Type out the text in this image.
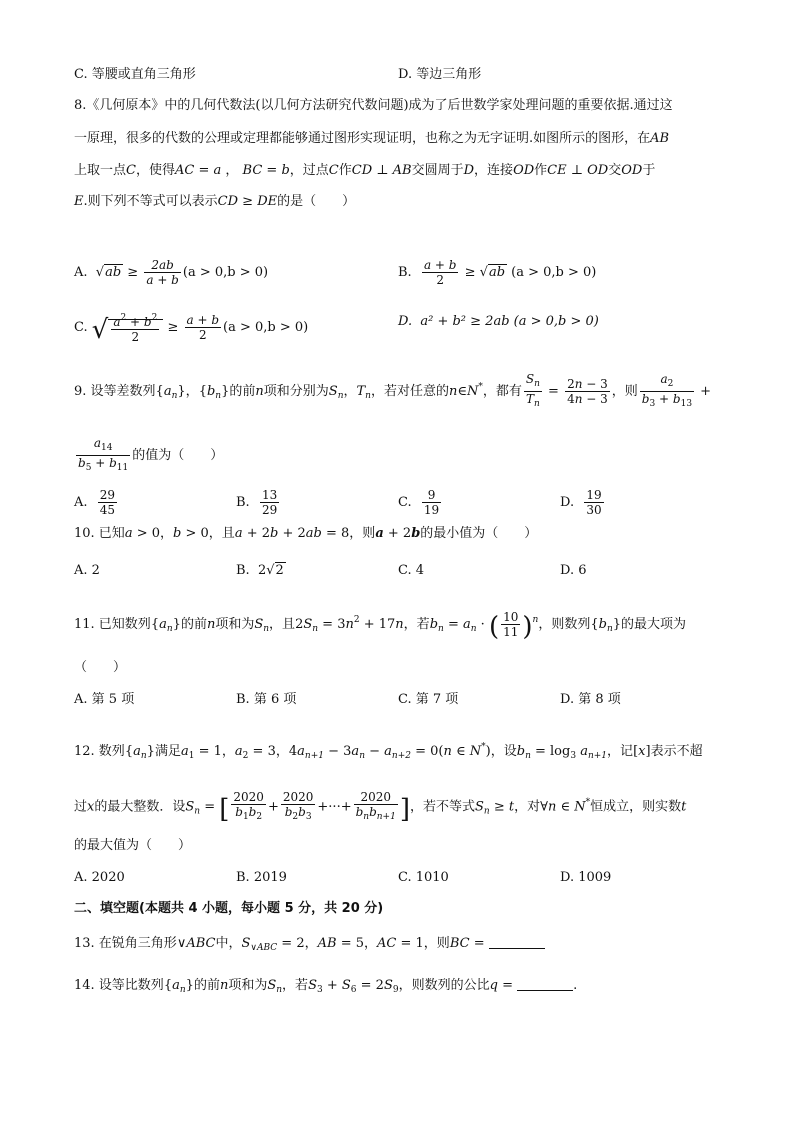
C. 等腰或直角三角形	D. 等边三角形
8.《几何原本》中的几何代数法(以几何方法研究代数问题)成为了后世数学家处理问题的重要依据.通过这
一原理，很多的代数的公理或定理都能够通过图形实现证明，也称之为无字证明.如图所示的图形，在AB
上取一点C，使得AC = a ， BC = b，过点C作CD ⊥ AB交圆周于D，连接OD作CE ⊥ OD交OD于
E.则下列不等式可以表示CD ≥ DE的是（　　）
A.  $√ab \ge \frac{2ab}{a + b} (a > 0,b > 0)$	B. $\frac{a + b}{2} \ge √ab$ (a > 0,b > 0)
C. √ $\frac{a^2 + b^2}{2} \ge \frac{a + b}{2} (a > 0,b > 0)$	D.  a² + b² ≥ 2ab (a > 0,b > 0)
9. 设等差数列$\{a_n\}$，$\{b_n\}$的前n项和分别为$S_n$，$T_n$，若对任意的n∈N*，都有 $\frac{S_n}{T_n} = \frac{2n - 3}{4n - 3}$ ，则 $\frac{a_2}{b_3 + b_{13}}$ +
$\frac{a_{14}}{b_5 + b_{11}}$ 的值为（　　）
A. $\frac{29}{45}$	B. $\frac{13}{29}$	C. $\frac{9}{19}$	D. $\frac{19}{30}$
10. 已知a > 0，b > 0，且a + 2b + 2ab = 8，则a + 2b的最小值为（　　）
A. 2	B.  2√2	C. 4	D. 6
11. 已知数列$\{a_n\}$的前n项和为$S_n$，且$2S_n = 3n^2 + 17n$，若$b_n = a_n$ · ( $\frac{10}{11} )^n$，则数列$\{b_n\}$的最大项为
（　　）
A. 第 5 项	B. 第 6 项	C. 第 7 项	D. 第 8 项
12. 数列$\{a_n\}$满足$a_1 = 1$，$a_2 = 3$，$4a_{n+1} - 3a_n - a_{n+2} = 0(n$ ∈ N*)，设$b_n = \log_3 a_{n+1}$，记[x]表示不超
过x的最大整数．设$S_n$ = [ $\frac{2020}{b_1b_2} + \frac{2020}{b_2b_3}$ +···+ $\frac{2020}{b_nb_{n+1}}$ ]，若不等式$S_n \ge t$，对∀n ∈ N*恒成立，则实数t
的最大值为（　　）
A. 2020	B. 2019	C. 1010	D. 1009
二、填空题(本题共 4 小题，每小题 5 分，共 20 分)
13. 在锐角三角形∨ABC中，$S_{\vee ABC} = 2$，AB = 5，AC = 1，则BC =
14. 设等比数列$\{a_n\}$的前n项和为$S_n$，若$S_3 + S_6 = 2S_9$，则数列的公比q =	.
